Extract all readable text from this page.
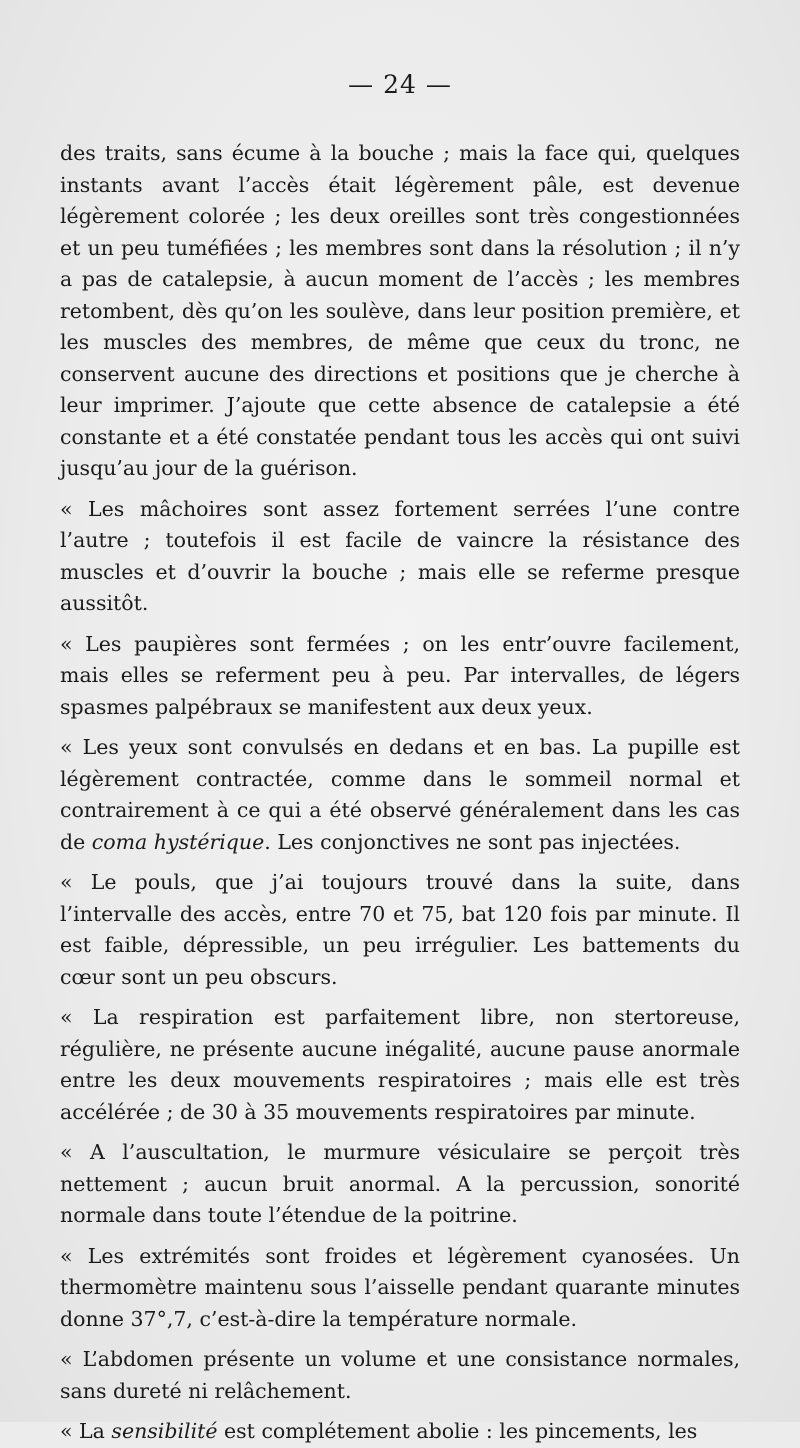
— 24 —

des traits, sans écume à la bouche ; mais la face qui, quelques instants avant l’accès était légèrement pâle, est devenue légèrement colorée ; les deux oreilles sont très congestionnées et un peu tuméfiées ; les membres sont dans la résolution ; il n’y a pas de catalepsie, à aucun moment de l’accès ; les membres retombent, dès qu’on les soulève, dans leur position première, et les muscles des membres, de même que ceux du tronc, ne conservent aucune des directions et positions que je cherche à leur imprimer. J’ajoute que cette absence de catalepsie a été constante et a été constatée pendant tous les accès qui ont suivi jusqu’au jour de la guérison.

« Les mâchoires sont assez fortement serrées l’une contre l’autre ; toutefois il est facile de vaincre la résistance des muscles et d’ouvrir la bouche ; mais elle se referme presque aussitôt.

« Les paupières sont fermées ; on les entr’ouvre facilement, mais elles se referment peu à peu. Par intervalles, de légers spasmes palpébraux se manifestent aux deux yeux.

« Les yeux sont convulsés en dedans et en bas. La pupille est légèrement contractée, comme dans le sommeil normal et contrairement à ce qui a été observé généralement dans les cas de coma hystérique. Les conjonctives ne sont pas injectées.

« Le pouls, que j’ai toujours trouvé dans la suite, dans l’intervalle des accès, entre 70 et 75, bat 120 fois par minute. Il est faible, dépressible, un peu irrégulier. Les battements du cœur sont un peu obscurs.

« La respiration est parfaitement libre, non stertoreuse, régulière, ne présente aucune inégalité, aucune pause anormale entre les deux mouvements respiratoires ; mais elle est très accélérée ; de 30 à 35 mouvements respiratoires par minute.

« A l’auscultation, le murmure vésiculaire se perçoit très nettement ; aucun bruit anormal. A la percussion, sonorité normale dans toute l’étendue de la poitrine.

« Les extrémités sont froides et légèrement cyanosées. Un thermomètre maintenu sous l’aisselle pendant quarante minutes donne 37°,7, c’est-à-dire la température normale.

« L’abdomen présente un volume et une consistance normales, sans dureté ni relâchement.

« La sensibilité est complétement abolie : les pincements, les
